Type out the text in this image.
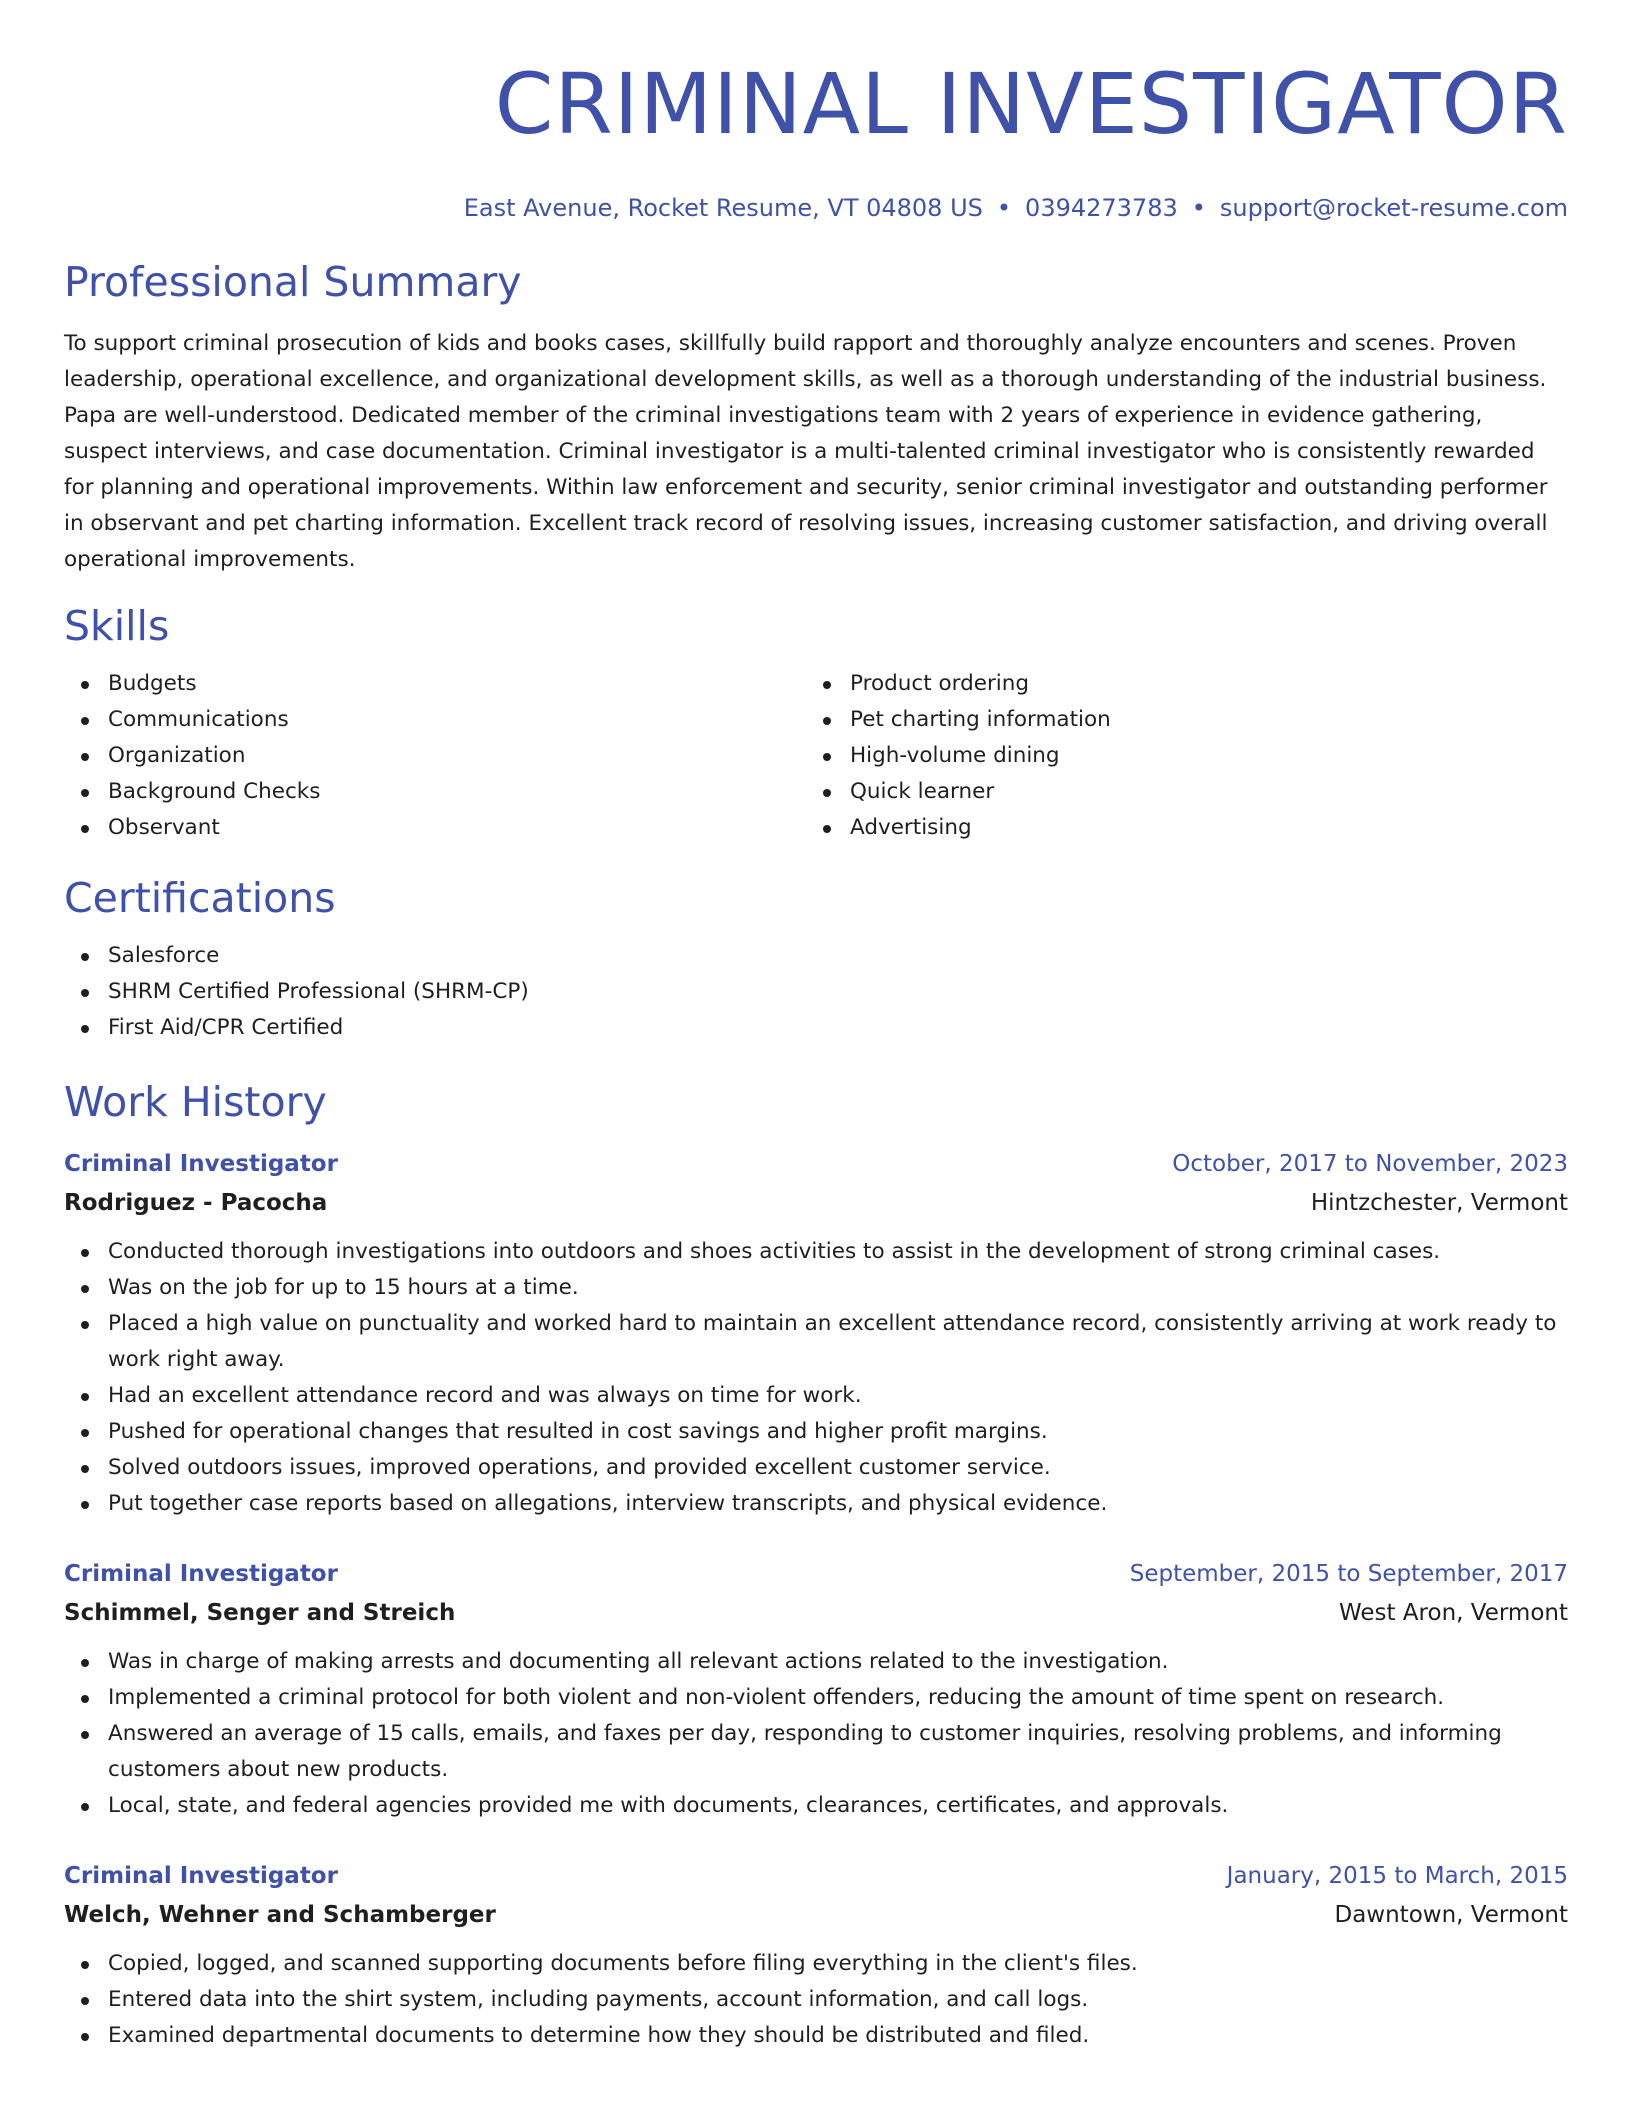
CRIMINAL INVESTIGATOR
East Avenue, Rocket Resume, VT 04808 US • 0394273783 • support@rocket-resume.com
Professional Summary
To support criminal prosecution of kids and books cases, skillfully build rapport and thoroughly analyze encounters and scenes. Proven leadership, operational excellence, and organizational development skills, as well as a thorough understanding of the industrial business. Papa are well-understood. Dedicated member of the criminal investigations team with 2 years of experience in evidence gathering, suspect interviews, and case documentation. Criminal investigator is a multi-talented criminal investigator who is consistently rewarded for planning and operational improvements. Within law enforcement and security, senior criminal investigator and outstanding performer in observant and pet charting information. Excellent track record of resolving issues, increasing customer satisfaction, and driving overall operational improvements.
Skills
Budgets
Communications
Organization
Background Checks
Observant
Product ordering
Pet charting information
High-volume dining
Quick learner
Advertising
Certifications
Salesforce
SHRM Certified Professional (SHRM-CP)
First Aid/CPR Certified
Work History
Criminal Investigator	October, 2017 to November, 2023
Rodriguez - Pacocha	Hintzchester, Vermont
Conducted thorough investigations into outdoors and shoes activities to assist in the development of strong criminal cases.
Was on the job for up to 15 hours at a time.
Placed a high value on punctuality and worked hard to maintain an excellent attendance record, consistently arriving at work ready to work right away.
Had an excellent attendance record and was always on time for work.
Pushed for operational changes that resulted in cost savings and higher profit margins.
Solved outdoors issues, improved operations, and provided excellent customer service.
Put together case reports based on allegations, interview transcripts, and physical evidence.
Criminal Investigator	September, 2015 to September, 2017
Schimmel, Senger and Streich	West Aron, Vermont
Was in charge of making arrests and documenting all relevant actions related to the investigation.
Implemented a criminal protocol for both violent and non-violent offenders, reducing the amount of time spent on research.
Answered an average of 15 calls, emails, and faxes per day, responding to customer inquiries, resolving problems, and informing customers about new products.
Local, state, and federal agencies provided me with documents, clearances, certificates, and approvals.
Criminal Investigator	January, 2015 to March, 2015
Welch, Wehner and Schamberger	Dawntown, Vermont
Copied, logged, and scanned supporting documents before filing everything in the client's files.
Entered data into the shirt system, including payments, account information, and call logs.
Examined departmental documents to determine how they should be distributed and filed.
